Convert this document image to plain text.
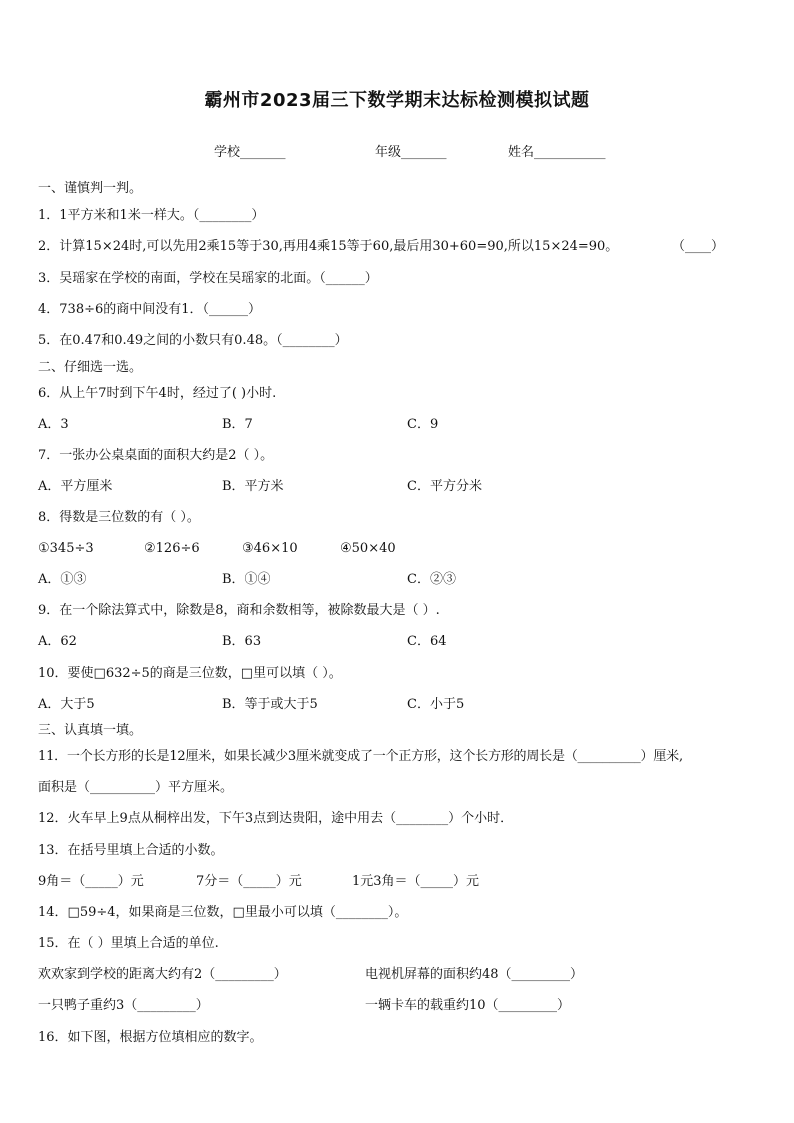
霸州市2023届三下数学期末达标检测模拟试题
学校_______	年级_______	姓名___________
一、谨慎判一判。
1．1平方米和1米一样大。（________）
2．计算15×24时,可以先用2乘15等于30,再用4乘15等于60,最后用30+60=90,所以15×24=90。	（____）
3．吴瑶家在学校的南面，学校在吴瑶家的北面。（______）
4．738÷6的商中间没有1．（______）
5．在0.47和0.49之间的小数只有0.48。（________）
二、仔细选一选。
6．从上午7时到下午4时，经过了( )小时.
A．3	B．7	C．9
7．一张办公桌桌面的面积大约是2（ ）。
A．平方厘米	B．平方米	C．平方分米
8．得数是三位数的有（ ）。
①345÷3	②126÷6	③46×10	④50×40
A．①③	B．①④	C．②③
9．在一个除法算式中，除数是8，商和余数相等，被除数最大是（ ）.
A．62	B．63	C．64
10．要使□632÷5的商是三位数，□里可以填（ ）。
A．大于5	B．等于或大于5	C．小于5
三、认真填一填。
11．一个长方形的长是12厘米，如果长减少3厘米就变成了一个正方形，这个长方形的周长是（__________）厘米,
面积是（__________）平方厘米。
12．火车早上9点从桐梓出发，下午3点到达贵阳，途中用去（________）个小时．
13．在括号里填上合适的小数。
9角＝（_____）元	7分＝（_____）元	1元3角＝（_____）元
14．□59÷4，如果商是三位数，□里最小可以填（________）。
15．在（ ）里填上合适的单位.
欢欢家到学校的距离大约有2（_________）	电视机屏幕的面积约48（_________）
一只鸭子重约3（_________）	一辆卡车的载重约10（_________）
16．如下图，根据方位填相应的数字。
